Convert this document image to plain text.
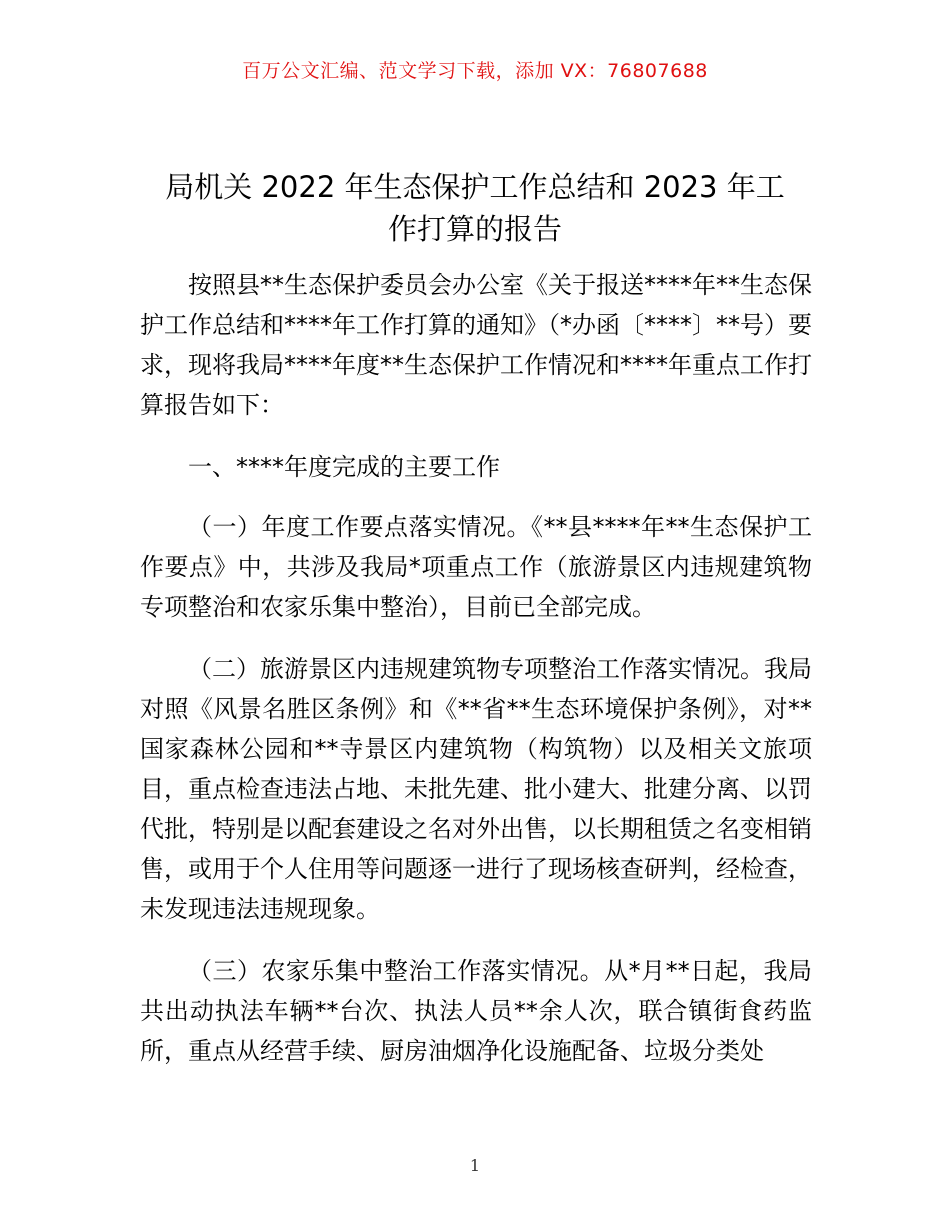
百万公文汇编、范文学习下载，添加 VX：76807688
局机关 2022 年生态保护工作总结和 2023 年工
作打算的报告

按照县**生态保护委员会办公室《关于报送****年**生态保护工作总结和****年工作打算的通知》（*办函〔****〕**号）要求，现将我局****年度**生态保护工作情况和****年重点工作打算报告如下：

一、****年度完成的主要工作

（一）年度工作要点落实情况。《**县****年**生态保护工作要点》中，共涉及我局*项重点工作（旅游景区内违规建筑物专项整治和农家乐集中整治），目前已全部完成。

（二）旅游景区内违规建筑物专项整治工作落实情况。我局对照《风景名胜区条例》和《**省**生态环境保护条例》，对**国家森林公园和**寺景区内建筑物（构筑物）以及相关文旅项目，重点检查违法占地、未批先建、批小建大、批建分离、以罚代批，特别是以配套建设之名对外出售，以长期租赁之名变相销售，或用于个人住用等问题逐一进行了现场核查研判，经检查，未发现违法违规现象。

（三）农家乐集中整治工作落实情况。从*月**日起，我局共出动执法车辆**台次、执法人员**余人次，联合镇街食药监所，重点从经营手续、厨房油烟净化设施配备、垃圾分类处

1
